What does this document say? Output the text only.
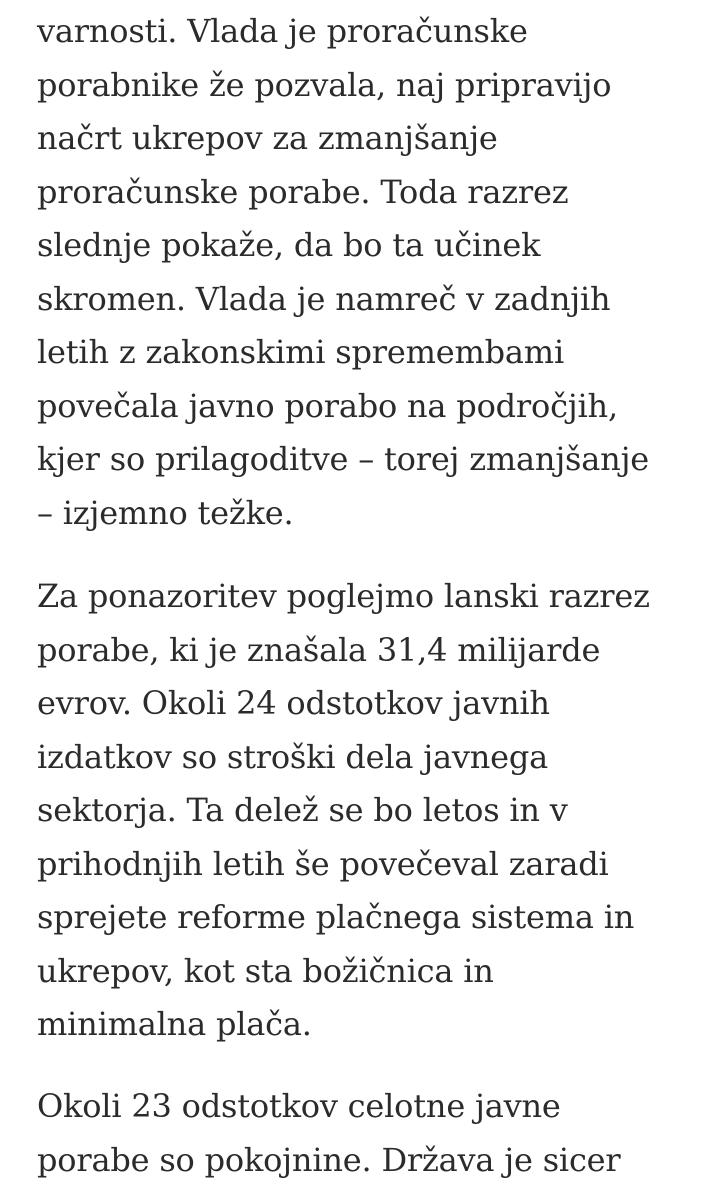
varnosti. Vlada je proračunske
porabnike že pozvala, naj pripravijo
načrt ukrepov za zmanjšanje
proračunske porabe. Toda razrez
slednje pokaže, da bo ta učinek
skromen. Vlada je namreč v zadnjih
letih z zakonskimi spremembami
povečala javno porabo na področjih,
kjer so prilagoditve – torej zmanjšanje
– izjemno težke.

Za ponazoritev poglejmo lanski razrez
porabe, ki je znašala 31,4 milijarde
evrov. Okoli 24 odstotkov javnih
izdatkov so stroški dela javnega
sektorja. Ta delež se bo letos in v
prihodnjih letih še povečeval zaradi
sprejete reforme plačnega sistema in
ukrepov, kot sta božičnica in
minimalna plača.

Okoli 23 odstotkov celotne javne
porabe so pokojnine. Država je sicer
